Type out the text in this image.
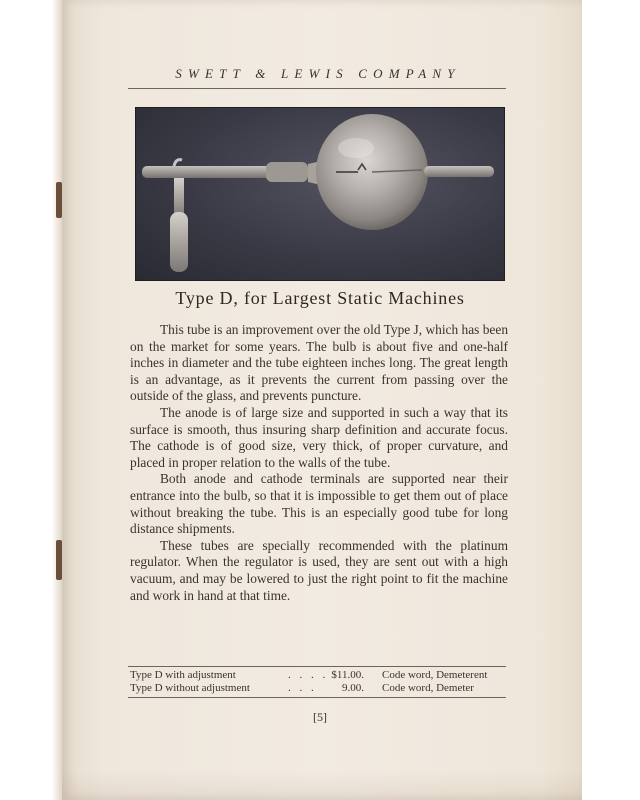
SWETT & LEWIS COMPANY
Type D, for Largest Static Machines

This tube is an improvement over the old Type J, which has been on the market for some years. The bulb is about five and one-half inches in diameter and the tube eighteen inches long. The great length is an advantage, as it prevents the current from passing over the outside of the glass, and prevents puncture.

The anode is of large size and supported in such a way that its surface is smooth, thus insuring sharp definition and accurate focus. The cathode is of good size, very thick, of proper curvature, and placed in proper relation to the walls of the tube.

Both anode and cathode terminals are supported near their entrance into the bulb, so that it is impossible to get them out of place without breaking the tube. This is an especially good tube for long distance shipments.

These tubes are specially recommended with the platinum regulator. When the regulator is used, they are sent out with a high vacuum, and may be lowered to just the right point to fit the machine and work in hand at that time.

Type D with adjustment	. . . . $11.00. Code word, Demeterent
Type D without adjustment	. . .	9.00. Code word, Demeter
[5]
